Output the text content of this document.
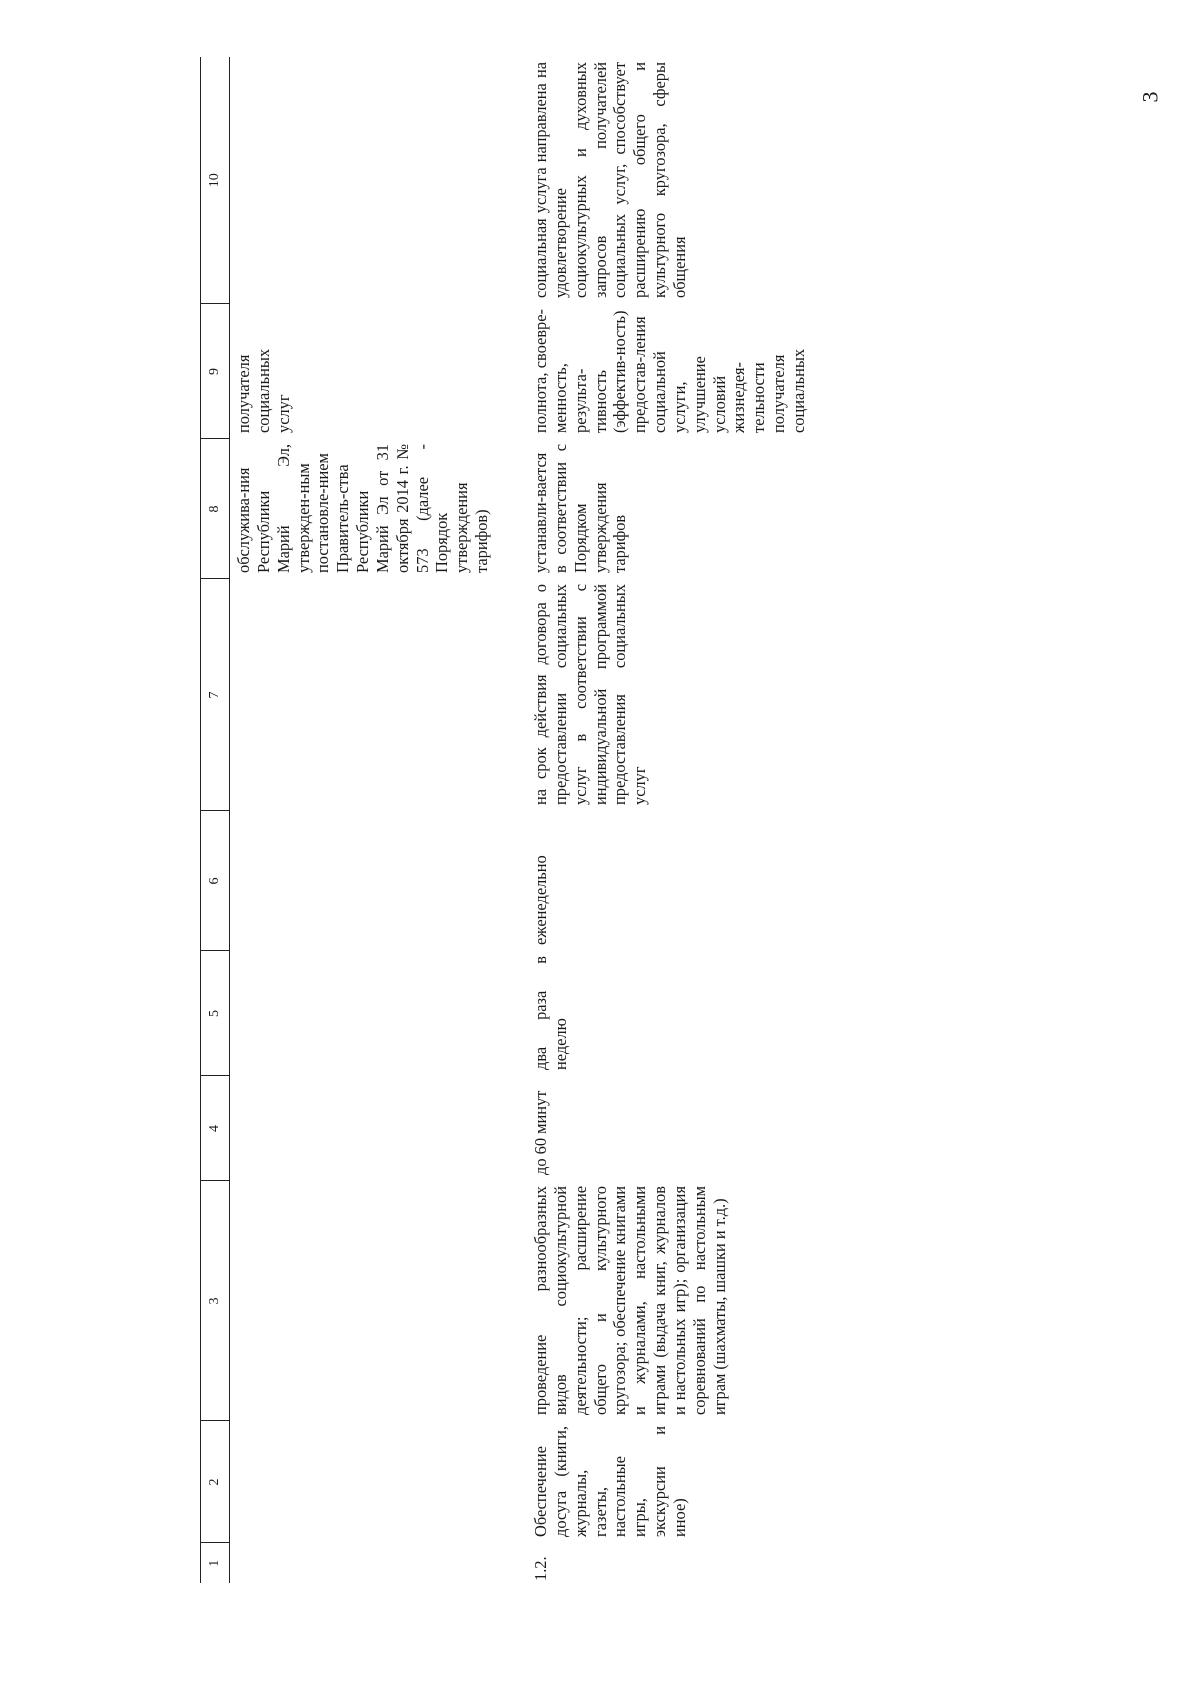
3
1	2	3	4	5	6	7	8	9	10
							обслужива-ния Республики Марий Эл, утвержден-ным постановле-нием Правитель-ства Республики Марий Эл от 31 октября 2014 г. № 573 (далее - Порядок утверждения тарифов)	получателя социальных услуг	
1.2.	Обеспечение досуга (книги, журналы, газеты, настольные игры, экскурсии и иное)	проведение разнообразных видов социокультурной деятельности; расширение общего и культурного кругозора; обеспечение книгами и журналами, настольными играми (выдача книг, журналов и настольных игр); организация соревнований по настольным играм (шахматы, шашки и т.д.)	до 60 минут	два раза в неделю	еженедельно	на срок действия договора о предоставлении социальных услуг в соответствии с индивидуальной программой предоставления социальных услуг	устанавли-вается в соответствии с Порядком утверждения тарифов	полнота, своевре-менность, результа-тивность (эффектив-ность) предостав-ления социальной услуги, улучшение условий жизнедея-тельности получателя социальных	социальная услуга направлена на удовлетворение социокультурных и духовных запросов получателей социальных услуг, способствует расширению общего и культурного кругозора, сферы общения
